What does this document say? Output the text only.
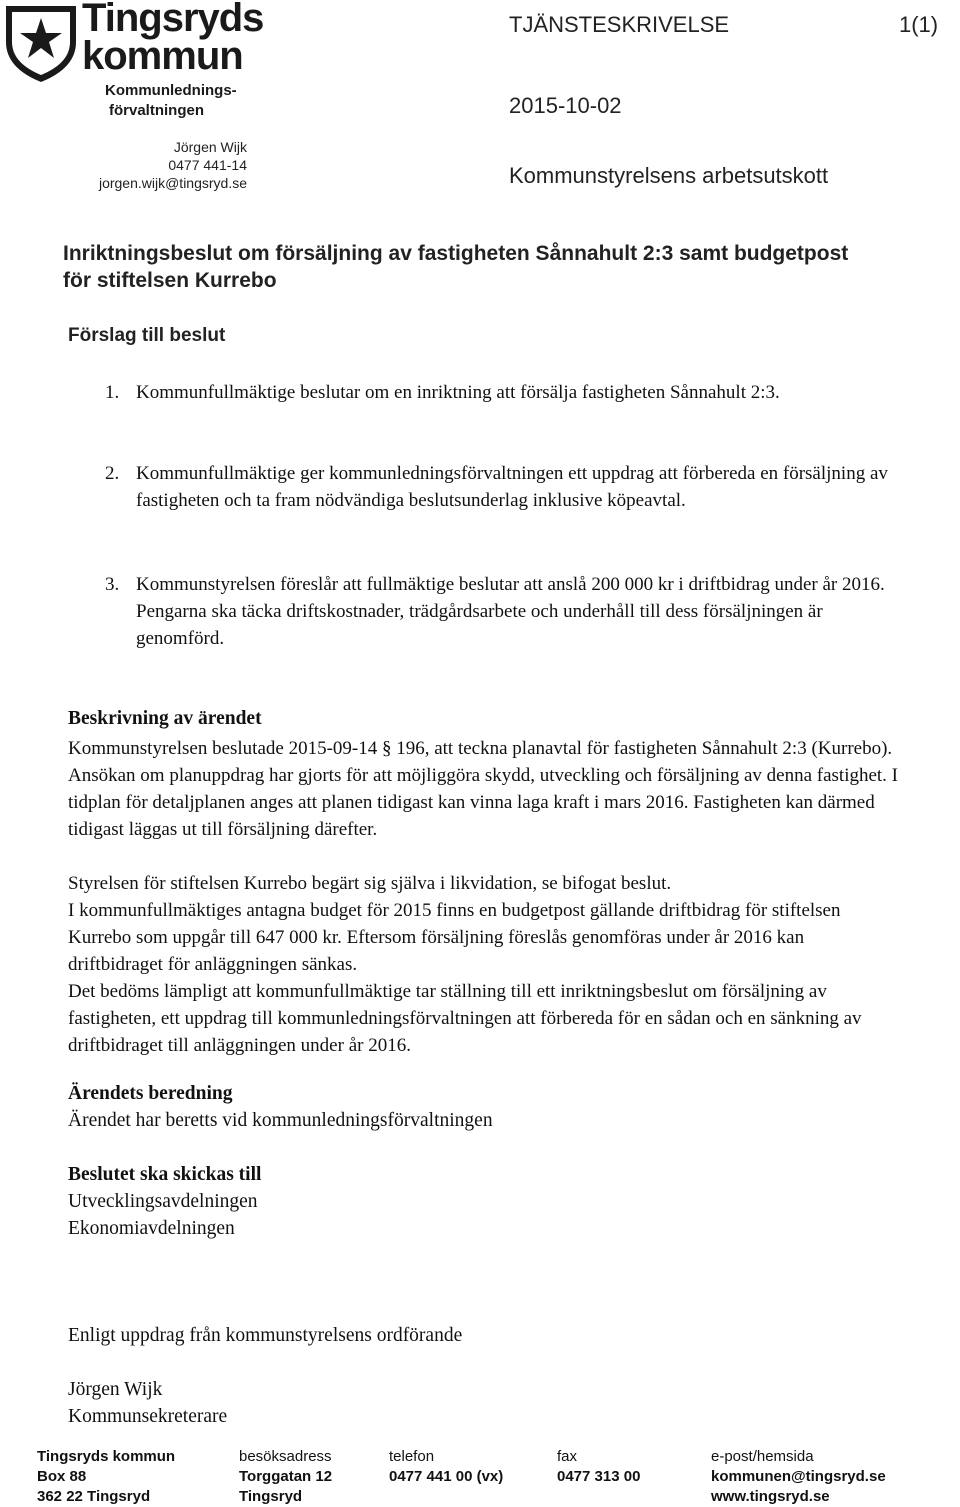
Tingsryds
kommun
Kommunlednings-
förvaltningen
Jörgen Wijk
0477 441-14
jorgen.wijk@tingsryd.se
TJÄNSTESKRIVELSE	1(1)
2015-10-02
Kommunstyrelsens arbetsutskott
Inriktningsbeslut om försäljning av fastigheten Sånnahult 2:3 samt budgetpost för stiftelsen Kurrebo
Förslag till beslut
1. Kommunfullmäktige beslutar om en inriktning att försälja fastigheten Sånnahult 2:3.
2. Kommunfullmäktige ger kommunledningsförvaltningen ett uppdrag att förbereda en försäljning av fastigheten och ta fram nödvändiga beslutsunderlag inklusive köpeavtal.
3. Kommunstyrelsen föreslår att fullmäktige beslutar att anslå 200 000 kr i driftbidrag under år 2016. Pengarna ska täcka driftskostnader, trädgårdsarbete och underhåll till dess försäljningen är genomförd.
Beskrivning av ärendet
Kommunstyrelsen beslutade 2015-09-14 § 196, att teckna planavtal för fastigheten Sånnahult 2:3 (Kurrebo). Ansökan om planuppdrag har gjorts för att möjliggöra skydd, utveckling och försäljning av denna fastighet. I tidplan för detaljplanen anges att planen tidigast kan vinna laga kraft i mars 2016. Fastigheten kan därmed tidigast läggas ut till försäljning därefter.
Styrelsen för stiftelsen Kurrebo begärt sig själva i likvidation, se bifogat beslut.
I kommunfullmäktiges antagna budget för 2015 finns en budgetpost gällande driftbidrag för stiftelsen Kurrebo som uppgår till 647 000 kr. Eftersom försäljning föreslås genomföras under år 2016 kan driftbidraget för anläggningen sänkas.
Det bedöms lämpligt att kommunfullmäktige tar ställning till ett inriktningsbeslut om försäljning av fastigheten, ett uppdrag till kommunledningsförvaltningen att förbereda för en sådan och en sänkning av driftbidraget till anläggningen under år 2016.
Ärendets beredning
Ärendet har beretts vid kommunledningsförvaltningen
Beslutet ska skickas till
Utvecklingsavdelningen
Ekonomiavdelningen
Enligt uppdrag från kommunstyrelsens ordförande
Jörgen Wijk
Kommunsekreterare
Tingsryds kommun
Box 88
362 22 Tingsryd
besöksadress
Torggatan 12
Tingsryd
telefon
0477 441 00 (vx)
fax
0477 313 00
e-post/hemsida
kommunen@tingsryd.se
www.tingsryd.se
